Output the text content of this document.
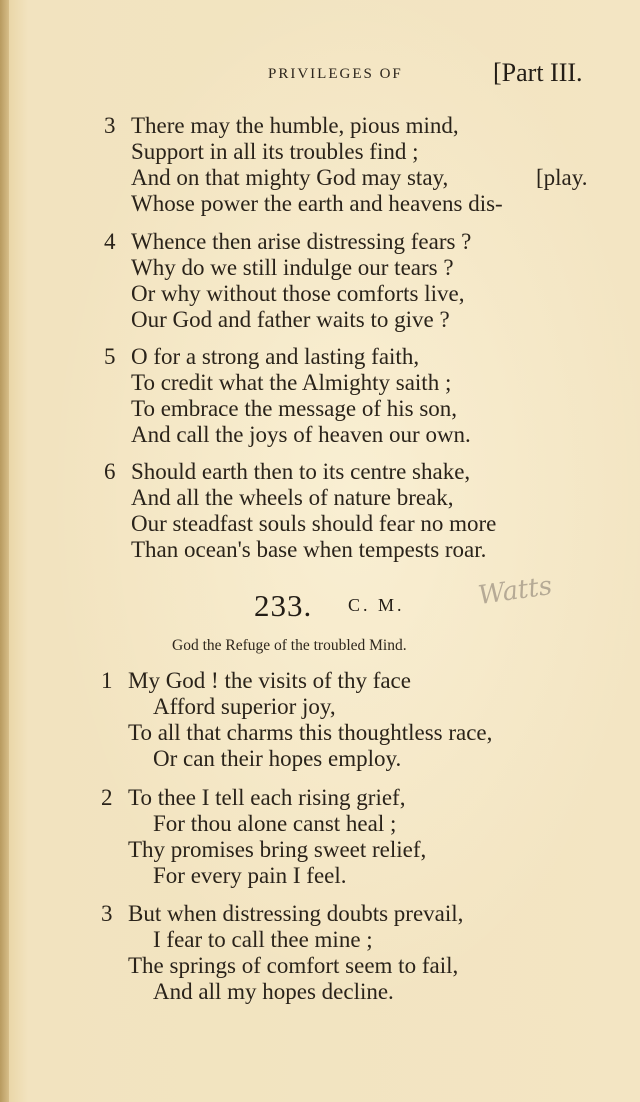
PRIVILEGES OF	[Part III.
3 There may the humble, pious mind,
Support in all its troubles find ;
And on that mighty God may stay,	[play.
Whose power the earth and heavens dis-
4 Whence then arise distressing fears ?
Why do we still indulge our tears ?
Or why without those comforts live,
Our God and father waits to give ?
5 O for a strong and lasting faith,
To credit what the Almighty saith ;
To embrace the message of his son,
And call the joys of heaven our own.
6 Should earth then to its centre shake,
And all the wheels of nature break,
Our steadfast souls should fear no more
Than ocean's base when tempests roar.
233. C. M.	Watts
God the Refuge of the troubled Mind.
1 My God ! the visits of thy face
Afford superior joy,
To all that charms this thoughtless race,
Or can their hopes employ.
2 To thee I tell each rising grief,
For thou alone canst heal ;
Thy promises bring sweet relief,
For every pain I feel.
3 But when distressing doubts prevail,
I fear to call thee mine ;
The springs of comfort seem to fail,
And all my hopes decline.
